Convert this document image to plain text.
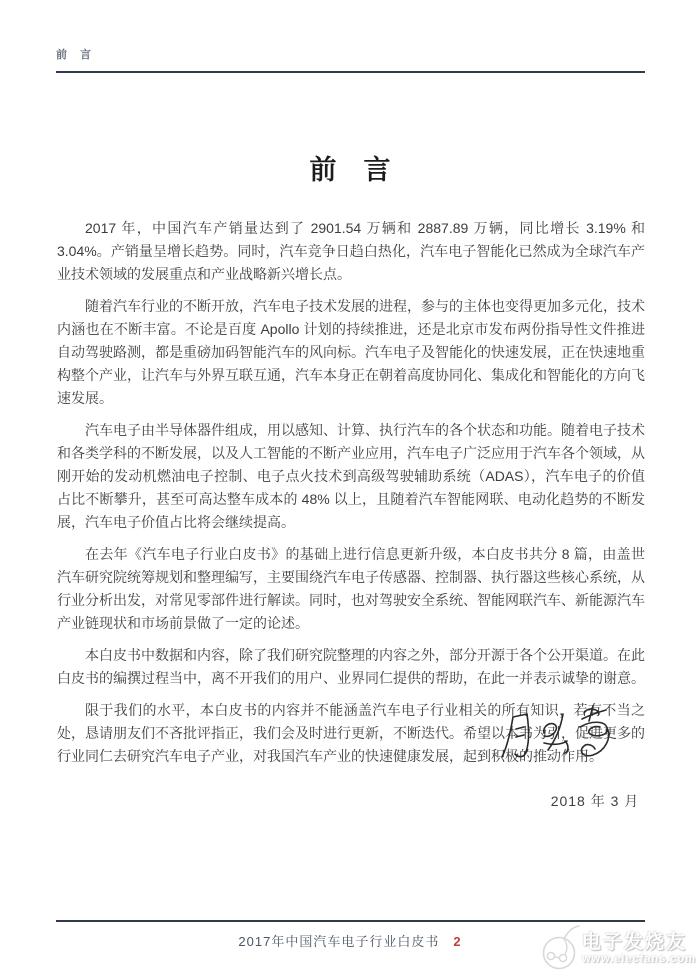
前 言
前　言

2017 年，中国汽车产销量达到了 2901.54 万辆和 2887.89 万辆，同比增长 3.19% 和 3.04%。产销量呈增长趋势。同时，汽车竞争日趋白热化，汽车电子智能化已然成为全球汽车产业技术领域的发展重点和产业战略新兴增长点。

随着汽车行业的不断开放，汽车电子技术发展的进程，参与的主体也变得更加多元化，技术内涵也在不断丰富。不论是百度 Apollo 计划的持续推进，还是北京市发布两份指导性文件推进自动驾驶路测，都是重磅加码智能汽车的风向标。汽车电子及智能化的快速发展，正在快速地重构整个产业，让汽车与外界互联互通，汽车本身正在朝着高度协同化、集成化和智能化的方向飞速发展。

汽车电子由半导体器件组成，用以感知、计算、执行汽车的各个状态和功能。随着电子技术和各类学科的不断发展，以及人工智能的不断产业应用，汽车电子广泛应用于汽车各个领域，从刚开始的发动机燃油电子控制、电子点火技术到高级驾驶辅助系统（ADAS），汽车电子的价值占比不断攀升，甚至可高达整车成本的 48% 以上，且随着汽车智能网联、电动化趋势的不断发展，汽车电子价值占比将会继续提高。

在去年《汽车电子行业白皮书》的基础上进行信息更新升级，本白皮书共分 8 篇，由盖世汽车研究院统筹规划和整理编写，主要围绕汽车电子传感器、控制器、执行器这些核心系统，从行业分析出发，对常见零部件进行解读。同时，也对驾驶安全系统、智能网联汽车、新能源汽车产业链现状和市场前景做了一定的论述。

本白皮书中数据和内容，除了我们研究院整理的内容之外，部分开源于各个公开渠道。在此白皮书的编撰过程当中，离不开我们的用户、业界同仁提供的帮助，在此一并表示诚挚的谢意。

限于我们的水平，本白皮书的内容并不能涵盖汽车电子行业相关的所有知识，若有不当之处，恳请朋友们不吝批评指正，我们会及时进行更新，不断迭代。希望以本书为引，促进更多的行业同仁去研究汽车电子产业，对我国汽车产业的快速健康发展，起到积极的推动作用。

2018 年 3 月
2017年中国汽车电子行业白皮书 2	电子发烧友
www.elecfans.com
